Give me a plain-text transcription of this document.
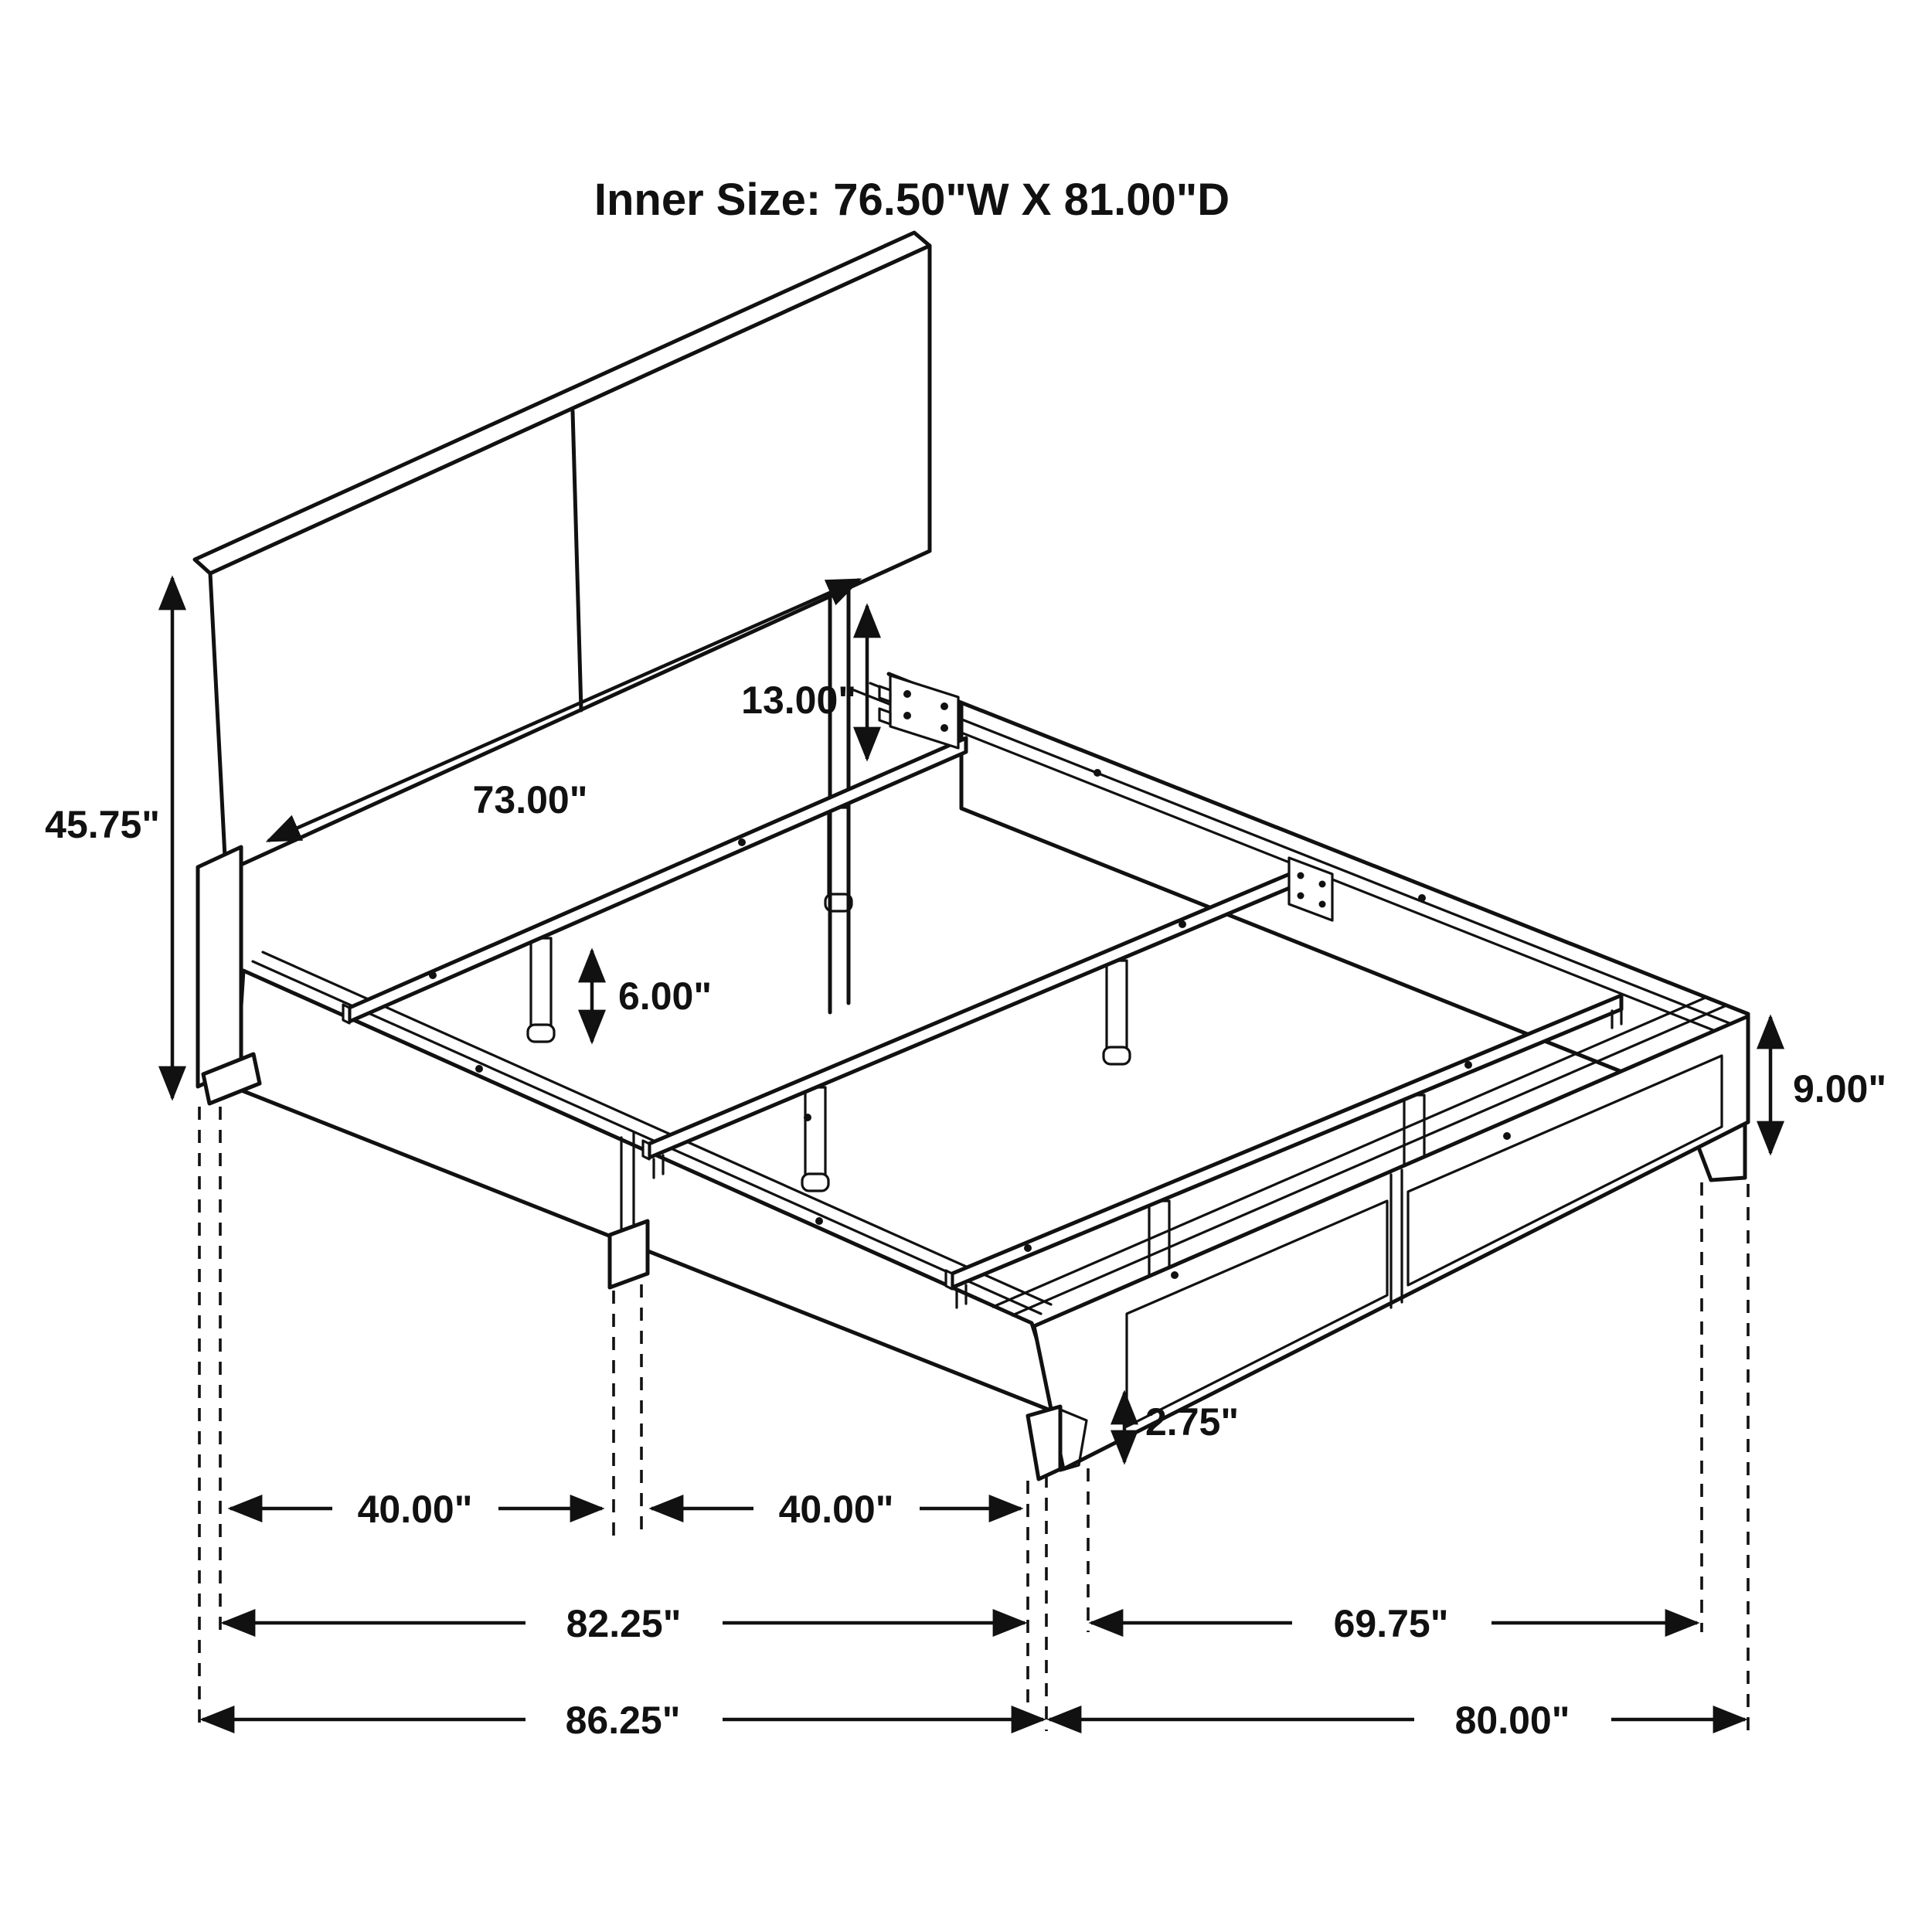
Inner Size: 76.50"W X 81.00"D
45.75"
73.00"
13.00"
6.00"
9.00"
2.75"
40.00"	40.00"
82.25"	69.75"
86.25"	80.00"
